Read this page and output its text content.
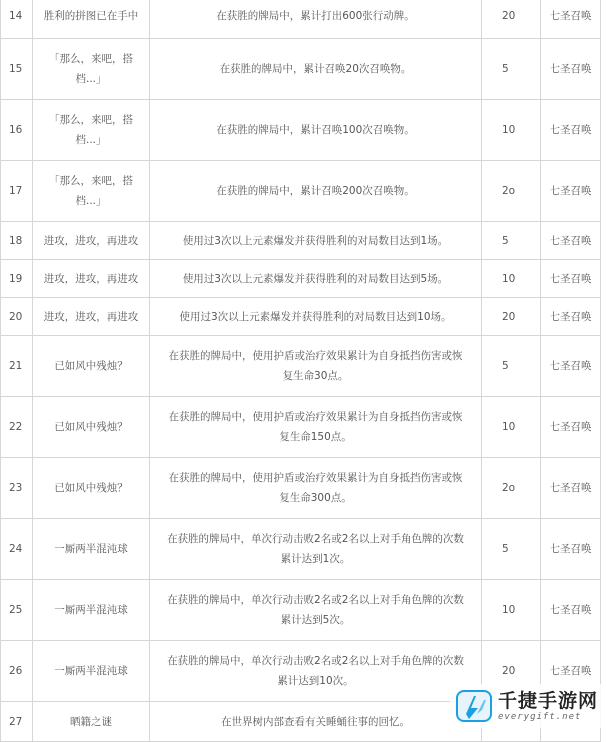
14	胜利的拼图已在手中	在获胜的牌局中，累计打出600张行动牌。	20	七圣召唤
15	「那么，来吧，搭档...」	在获胜的牌局中，累计召唤20次召唤物。	5	七圣召唤
16	「那么，来吧，搭档...」	在获胜的牌局中，累计召唤100次召唤物。	10	七圣召唤
17	「那么，来吧，搭档...」	在获胜的牌局中，累计召唤200次召唤物。	2o	七圣召唤
18	进攻，进攻，再进攻	使用过3次以上元素爆发并获得胜利的对局数目达到1场。	5	七圣召唤
19	进攻，进攻，再进攻	使用过3次以上元素爆发并获得胜利的对局数目达到5场。	10	七圣召唤
20	进攻，进攻，再进攻	使用过3次以上元素爆发并获得胜利的对局数目达到10场。	20	七圣召唤
21	已如风中残烛？	在获胜的牌局中，使用护盾或治疗效果累计为自身抵挡伤害或恢复生命30点。	5	七圣召唤
22	已如风中残烛？	在获胜的牌局中，使用护盾或治疗效果累计为自身抵挡伤害或恢复生命150点。	10	七圣召唤
23	已如风中残烛？	在获胜的牌局中，使用护盾或治疗效果累计为自身抵挡伤害或恢复生命300点。	2o	七圣召唤
24	一厮两半混沌球	在获胜的牌局中，单次行动击败2名或2名以上对手角色牌的次数累计达到1次。	5	七圣召唤
25	一厮两半混沌球	在获胜的牌局中，单次行动击败2名或2名以上对手角色牌的次数累计达到5次。	10	七圣召唤
26	一厮两半混沌球	在获胜的牌局中，单次行动击败2名或2名以上对手角色牌的次数累计达到10次。	20	七圣召唤
27	晒籍之谜	在世界树内部查看有关睡蛹往事的回忆。		
千捷手游网
everygift.net
